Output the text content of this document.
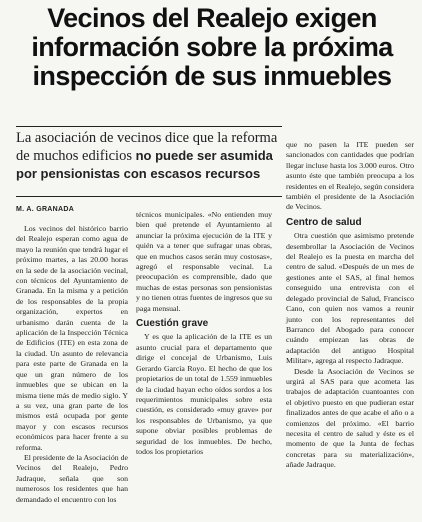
Vecinos del Realejo exigen
información sobre la próxima
inspección de sus inmuebles
La asociación de vecinos dice que la reforma
de muchos edificios no puede ser asumida
por pensionistas con escasos recursos
M. A. GRANADA

Los vecinos del histórico barrio del Realejo esperan como agua de mayo la reunión que tendrá lugar el próximo martes, a las 20.00 horas en la sede de la asociación vecinal, con técnicos del Ayuntamiento de Granada. En la misma y a petición de los responsables de la propia organización, expertos en urbanismo darán cuenta de la aplicación de la Inspección Técnica de Edificios (ITE) en esta zona de la ciudad. Un asunto de relevancia para este parte de Granada en la que un gran número de los inmuebles que se ubican en la misma tiene más de medio siglo. Y a su vez, una gran parte de los mismos está ocupada por gente mayor y con escasos recursos económicos para hacer frente a su reforma.

El presidente de la Asociación de Vecinos del Realejo, Pedro Jadraque, señala que son numerosos los residentes que han demandado el encuentro con los

técnicos municipales. «No entienden muy bien qué pretende el Ayuntamiento al anunciar la próxima ejecución de la ITE y quién va a tener que sufragar unas obras, que en muchos casos serán muy costosas», agregó el responsable vecinal. La preocupación es comprensible, dado que muchas de estas personas son pensionistas y no tienen otras fuentes de ingresos que su paga mensual.

Cuestión grave

Y es que la aplicación de la ITE es un asunto crucial para el departamento que dirige el concejal de Urbanismo, Luis Gerardo García Royo. El hecho de que los propietarios de un total de 1.559 inmuebles de la ciudad hayan echo oídos sordos a los requerimientos municipales sobre esta cuestión, es considerado «muy grave» por los responsables de Urbanismo, ya que supone obviar posibles problemas de seguridad de los inmuebles. De hecho, todos los propietarios

que no pasen la ITE pueden ser sancionados con cantidades que podrían llegar incluse hasta los 3.000 euros. Otro asunto éste que también preocupa a los residentes en el Realejo, según considera también el presidente de la Asociación de Vecinos.

Centro de salud

Otra cuestión que asimismo pretende desembrollar la Asociación de Vecinos del Realejo es la puesta en marcha del centro de salud. «Después de un mes de gestiones ante el SAS, al final hemos conseguido una entrevista con el delegado provincial de Salud, Francisco Cano, con quien nos vamos a reunir junto con los representantes del Barranco del Abogado para conocer cuándo empiezan las obras de adaptación del antiguo Hospital Militar», agrega al respecto Jadraque.

Desde la Asociación de Vecinos se urgirá al SAS para que acometa las trabajos de adaptación cuantoantes con el objetivo puesto en que pudieran estar finalizados antes de que acabe el año o a comienzos del próximo. «El barrio necesita el centro de salud y éste es el momento de que la Junta de fechas concretas para su materialización», añade Jadraque.
